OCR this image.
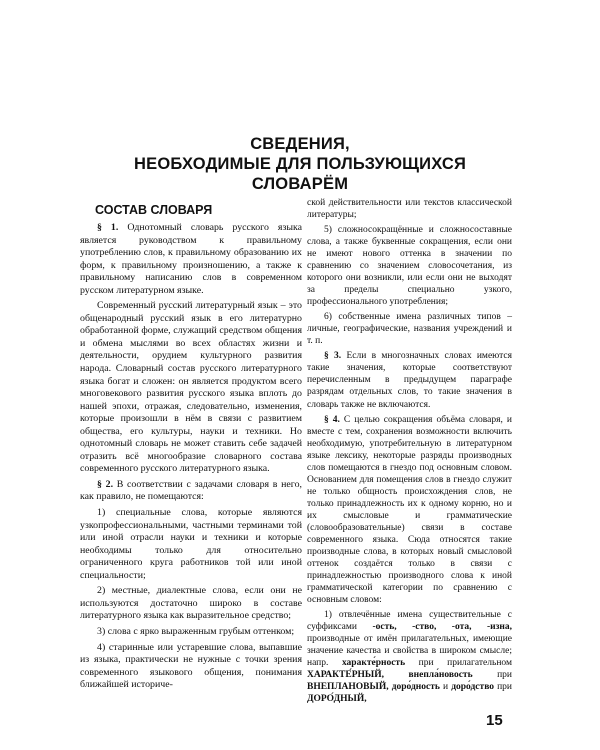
СВЕДЕНИЯ,
НЕОБХОДИМЫЕ ДЛЯ ПОЛЬЗУЮЩИХСЯ
СЛОВАРЁМ
СОСТАВ СЛОВАРЯ

§ 1. Однотомный словарь русского языка является руководством к правильному употреблению слов, к правильному образованию их форм, к правильному произношению, а также к правильному написанию слов в современном русском литературном языке.

Современный русский литературный язык – это общенародный русский язык в его литературно обработанной форме, служащий средством общения и обмена мыслями во всех областях жизни и деятельности, орудием культурного развития народа. Словарный состав русского литературного языка богат и сложен: он является продуктом всего многовекового развития русского языка вплоть до нашей эпохи, отражая, следовательно, изменения, которые произошли в нём в связи с развитием общества, его культуры, науки и техники. Но однотомный словарь не может ставить себе задачей отразить всё многообразие словарного состава современного русского литературного языка.

§ 2. В соответствии с задачами словаря в него, как правило, не помещаются:

1) специальные слова, которые являются узкопрофессиональными, частными терминами той или иной отрасли науки и техники и которые необходимы только для относительно ограниченного круга работников той или иной специальности;

2) местные, диалектные слова, если они не используются достаточно широко в составе литературного языка как выразительное средство;

3) слова с ярко выраженным грубым оттенком;

4) старинные или устаревшие слова, выпавшие из языка, практически не нужные с точки зрения современного языкового общения, понимания ближайшей историче-

ской действительности или текстов классической литературы;

5) сложносокращённые и сложносоставные слова, а также буквенные сокращения, если они не имеют нового оттенка в значении по сравнению со значением словосочетания, из которого они возникли, или если они не выходят за пределы специально узкого, профессионального употребления;

6) собственные имена различных типов – личные, географические, названия учреждений и т. п.

§ 3. Если в многозначных словах имеются такие значения, которые соответствуют перечисленным в предыдущем параграфе разрядам отдельных слов, то такие значения в словарь также не включаются.

§ 4. С целью сокращения объёма словаря, и вместе с тем, сохранения возможности включить необходимую, употребительную в литературном языке лексику, некоторые разряды производных слов помещаются в гнездо под основным словом. Основанием для помещения слов в гнездо служит не только общность происхождения слов, не только принадлежность их к одному корню, но и их смысловые и грамматические (словообразовательные) связи в составе современного языка. Сюда относятся такие производные слова, в которых новый смысловой оттенок создаётся только в связи с принадлежностью производного слова к иной грамматической категории по сравнению с основным словом:

1) отвлечённые имена существительные с суффиксами -ость, -ство, -ота, -изна, производные от имён прилагательных, имеющие значение качества и свойства в широком смысле; напр. характе́рность при прилагательном ХАРАКТЕ́РНЫЙ,	внепла́новость при ВНЕПЛАНОВЫЙ, доро́дность и доро́дство при ДОРО́ДНЫЙ,

15
